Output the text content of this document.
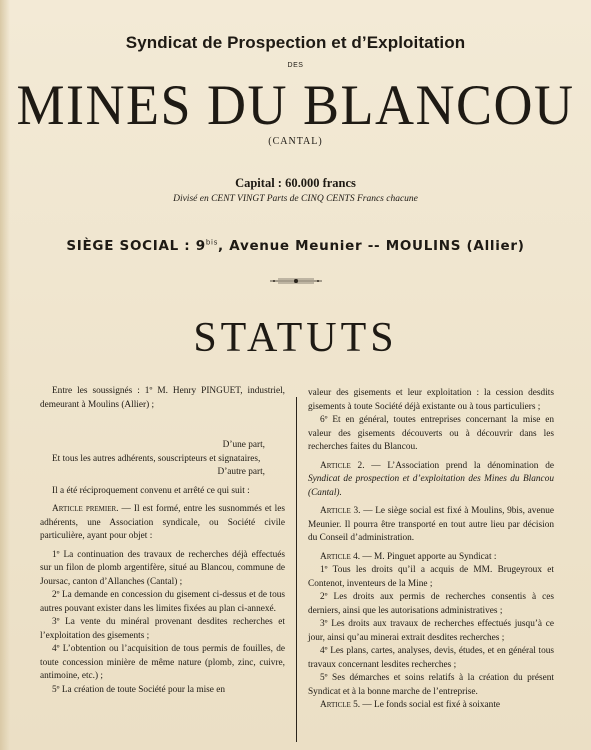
Syndicat de Prospection et d’Exploitation
DES
MINES DU BLANCOU
(CANTAL)
Capital : 60.000 francs
Divisé en CENT VINGT Parts de CINQ CENTS Francs chacune
SIÈGE SOCIAL : $9^{bis}$, Avenue Meunier -- MOULINS (Allier)
STATUTS

Entre les soussignés : 1º M. Henry PINGUET, industriel, demeurant à Moulins (Allier) ;

D’une part,

Et tous les autres adhérents, souscripteurs et signataires,

D’autre part,

Il a été réciproquement convenu et arrêté ce qui suit :

Article premier. — Il est formé, entre les susnommés et les adhérents, une Association syndicale, ou Société civile particulière, ayant pour objet :

1º La continuation des travaux de recherches déjà effectués sur un filon de plomb argentifère, situé au Blancou, commune de Joursac, canton d’Allanches (Cantal) ;

2º La demande en concession du gisement ci-dessus et de tous autres pouvant exister dans les limites fixées au plan ci-annexé.

3º La vente du minéral provenant desdites recherches et l’exploitation des gisements ;

4º L’obtention ou l’acquisition de tous permis de fouilles, de toute concession minière de même nature (plomb, zinc, cuivre, antimoine, etc.) ;

5º La création de toute Société pour la mise en

valeur des gisements et leur exploitation : la cession desdits gisements à toute Société déjà existante ou à tous particuliers ;

6º Et en général, toutes entreprises concernant la mise en valeur des gisements découverts ou à découvrir dans les recherches faites du Blancou.

Article 2. — L’Association prend la dénomination de Syndicat de prospection et d’exploitation des Mines du Blancou (Cantal).

Article 3. — Le siège social est fixé à Moulins, 9bis, avenue Meunier. Il pourra être transporté en tout autre lieu par décision du Conseil d’administration.

Article 4. — M. Pinguet apporte au Syndicat :

1º Tous les droits qu’il a acquis de MM. Brugeyroux et Contenot, inventeurs de la Mine ;

2º Les droits aux permis de recherches consentis à ces derniers, ainsi que les autorisations administratives ;

3º Les droits aux travaux de recherches effectués jusqu’à ce jour, ainsi qu’au minerai extrait desdites recherches ;

4º Les plans, cartes, analyses, devis, études, et en général tous travaux concernant lesdites recherches ;

5º Ses démarches et soins relatifs à la création du présent Syndicat et à la bonne marche de l’entreprise.

Article 5. — Le fonds social est fixé à soixante
